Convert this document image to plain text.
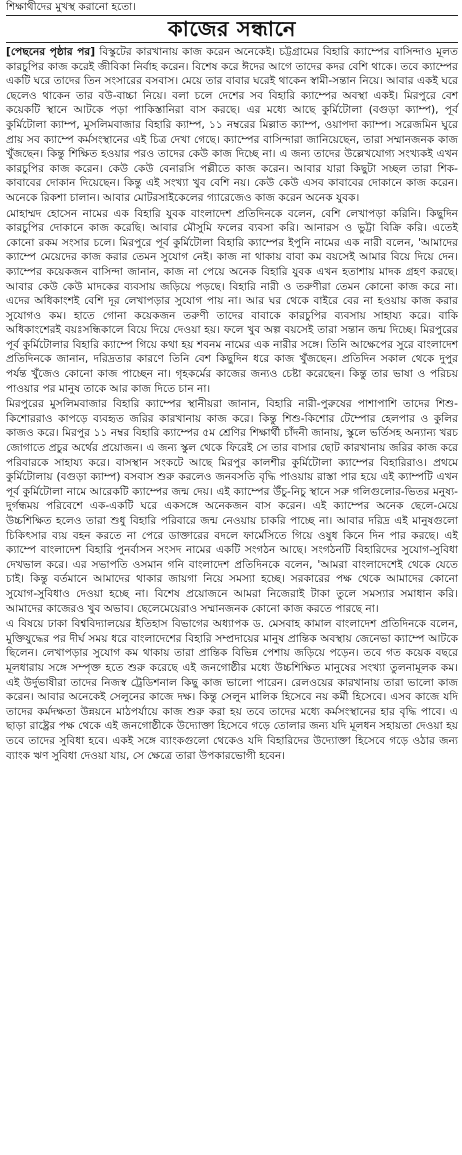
শিক্ষাথীদের মুখস্থ করানো হতো।
কাজের সন্ধানে

[পেছনের পৃষ্ঠার পর] বিস্কুটের কারখানায় কাজ করেন অনেকেই। চট্টগ্রামের বিহারি ক্যাম্পের বাসিন্দাও মূলত কারচুপির কাজ করেই জীবিকা নির্বাহ করেন। বিশেষ করে ঈদের আগে তাদের কদর বেশি থাকে। তবে ক্যাম্পের একটি ঘরে তাদের তিন সংসারের বসবাস। মেয়ে তার বাবার ঘরেই থাকেন স্বামী-সন্তান নিয়ে। আবার একই ঘরে ছেলেও থাকেন তার বউ-বাচ্চা নিয়ে। বলা চলে দেশের সব বিহারি ক্যাম্পের অবস্থা একই। মিরপুরে বেশ কয়েকটি স্থানে আটকে পড়া পাকিস্তানিরা বাস করছে। এর মধ্যে আছে কুর্মিটোলা (বগুড়া ক্যাম্প), পূর্ব কুর্মিটোলা ক্যাম্প, মুসলিমবাজার বিহারি ক্যাম্প, ১১ নম্বরের মিল্লাত ক্যাম্প, ওয়াপদা ক্যাম্প। সরেজমিন ঘুরে প্রায় সব ক্যাম্পে কর্মসংস্থানের এই চিত্র দেখা গেছে। ক্যাম্পের বাসিন্দারা জানিয়েছেন, তারা সম্মানজনক কাজ খুঁজছেন। কিন্তু শিক্ষিত হওয়ার পরও তাদের কেউ কাজ দিচ্ছে না। এ জন্য তাদের উল্লেখযোগ্য সংখ্যকই এখন কারচুপির কাজ করেন। কেউ কেউ বেনারসি পল্লীতে কাজ করেন। আবার যারা কিছুটা সচ্ছল তারা শিক-কাবাবের দোকান দিয়েছেন। কিন্তু এই সংখ্যা খুব বেশি নয়। কেউ কেউ এসব কাবাবের দোকানে কাজ করেন। অনেকে রিকশা চালান। আবার মোটরসাইকেলের গ্যারেজেও কাজ করেন অনেক যুবক।

মোহাম্মদ হোসেন নামের এক বিহারি যুবক বাংলাদেশ প্রতিদিনকে বলেন, বেশি লেখাপড়া করিনি। কিছুদিন কারচুপির দোকানে কাজ করেছি। আবার মৌসুমি ফলের ব্যবসা করি। আনারস ও ভুট্টা বিক্রি করি। এতেই কোনো রকম সংসার চলে। মিরপুরে পূর্ব কুর্মিটোলা বিহারি ক্যাম্পের ইপুনি নামের এক নারী বলেন, 'আমাদের ক্যাম্পে মেয়েদের কাজ করার তেমন সুযোগ নেই। কাজ না থাকায় বাবা কম বয়সেই আমার বিয়ে দিয়ে দেন। ক্যাম্পের কয়েকজন বাসিন্দা জানান, কাজ না পেয়ে অনেক বিহারি যুবক এখন হতাশায় মাদক গ্রহণ করছে। আবার কেউ কেউ মাদকের ব্যবসায় জড়িয়ে পড়ছে। বিহারি নারী ও তরুণীরা তেমন কোনো কাজ করে না। এদের অধিকাংশই বেশি দূর লেখাপড়ার সুযোগ পায় না। আর ঘর থেকে বাইরে বের না হওয়ায় কাজ করার সুযোগও কম। হাতে গোনা কয়েকজন তরুণী তাদের বাবাকে কারচুপির ব্যবসায় সাহায্য করে। বাকি অধিকাংশেরই বয়ঃসন্ধিকালে বিয়ে দিয়ে দেওয়া হয়। ফলে খুব অল্প বয়সেই তারা সন্তান জন্ম দিচ্ছে। মিরপুরের পূর্ব কুর্মিটোলার বিহারি ক্যাম্পে গিয়ে কথা হয় শবনম নামের এক নারীর সঙ্গে। তিনি আক্ষেপের সুরে বাংলাদেশ প্রতিদিনকে জানান, দরিদ্রতার কারণে তিনি বেশ কিছুদিন ধরে কাজ খুঁজছেন। প্রতিদিন সকাল থেকে দুপুর পর্যন্ত খুঁজেও কোনো কাজ পাচ্ছেন না। গৃহকর্মের কাজের জন্যও চেষ্টা করেছেন। কিন্তু তার ভাষা ও পরিচয় পাওয়ার পর মানুষ তাকে আর কাজ দিতে চান না।

মিরপুরের মুসলিমবাজার বিহারি ক্যাম্পের স্থানীয়রা জানান, বিহারি নারী-পুরুষের পাশাপাশি তাদের শিশু-কিশোররাও কাপড়ে ব্যবহৃত জরির কারখানায় কাজ করে। কিন্তু শিশু-কিশোর টেম্পোর হেলপার ও কুলির কাজও করে। মিরপুর ১১ নম্বর বিহারি ক্যাম্পের ৫ম শ্রেণির শিক্ষার্থী চাঁদনী জানায়, স্কুলে ভর্তিসহ অন্যান্য খরচ জোগাতে প্রচুর অর্থের প্রয়োজন। এ জন্য স্কুল থেকে ফিরেই সে তার বাসার ছোট কারখানায় জরির কাজ করে পরিবারকে সাহায্য করে। বাসস্থান সংকটে আছে মিরপুর কালশীর কুর্মিটোলা ক্যাম্পের বিহারিরাও। প্রথমে কুর্মিটোলায় (বগুড়া ক্যাম্প) বসবাস শুরু করলেও জনবসতি বৃদ্ধি পাওয়ায় রাস্তা পার হয়ে এই ক্যাম্পটি এখন পূর্ব কুর্মিটোলা নামে আরেকটি ক্যাম্পের জন্ম দেয়। এই ক্যাম্পের উঁচু-নিচু স্থানে সরু গলিগুলোর-ভিতর মনুষ্য-দুর্গন্ধময় পরিবেশে এক-একটি ঘরে একসঙ্গে অনেকজন বাস করেন। এই ক্যাম্পের অনেক ছেলে-মেয়ে উচ্চশিক্ষিত হলেও তারা শুধু বিহারি পরিবারে জন্ম নেওয়ায় চাকরি পাচ্ছে না। আবার দরিদ্র এই মানুষগুলো চিকিৎসার ব্যয় বহন করতে না পেরে ডাক্তারের বদলে ফার্মেসিতে গিয়ে ওষুধ কিনে দিন পার করছে। এই ক্যাম্পে বাংলাদেশ বিহারি পুনর্বাসন সংসদ নামের একটি সংগঠন আছে। সংগঠনটি বিহারিদের সুযোগ-সুবিধা দেখভাল করে। এর সভাপতি ওসমান গনি বাংলাদেশ প্রতিদিনকে বলেন, 'আমরা বাংলাদেশেই থেকে যেতে চাই। কিন্তু বর্তমানে আমাদের থাকার জায়গা নিয়ে সমস্যা হচ্ছে। সরকারের পক্ষ থেকে আমাদের কোনো সুযোগ-সুবিধাও দেওয়া হচ্ছে না। বিশেষ প্রয়োজনে আমরা নিজেরাই টাকা তুলে সমস্যার সমাধান করি। আমাদের কাজেরও খুব অভাব। ছেলেমেয়েরাও সম্মানজনক কোনো কাজ করতে পারছে না।

এ বিষয়ে ঢাকা বিশ্ববিদ্যালয়ের ইতিহাস বিভাগের অধ্যাপক ড. মেসবাহ কামাল বাংলাদেশ প্রতিদিনকে বলেন, মুক্তিযুদ্ধের পর দীর্ঘ সময় ধরে বাংলাদেশের বিহারি সম্প্রদায়ের মানুষ প্রান্তিক অবস্থায় জেনেভা ক্যাম্পে আটকে ছিলেন। লেখাপড়ার সুযোগ কম থাকায় তারা প্রান্তিক বিভিন্ন পেশায় জড়িয়ে পড়েন। তবে গত কয়েক বছরে মূলধারায় সঙ্গে সম্পৃক্ত হতে শুরু করেছে এই জনগোষ্ঠীর মধ্যে উচ্চশিক্ষিত মানুষের সংখ্যা তুলনামূলক কম। এই উর্দুভাষীরা তাদের নিজস্ব ট্রেডিশনাল কিছু কাজ ভালো পারেন। রেলওয়ের কারখানায় তারা ভালো কাজ করেন। আবার অনেকেই সেলুনের কাজে দক্ষ। কিন্তু সেলুন মালিক হিসেবে নয় কর্মী হিসেবে। এসব কাজে যদি তাদের কর্মদক্ষতা উন্নয়নে মাঠপর্যায়ে কাজ শুরু করা হয় তবে তাদের মধ্যে কর্মসংস্থানের হার বৃদ্ধি পাবে। এ ছাড়া রাষ্ট্রের পক্ষ থেকে এই জনগোষ্ঠীকে উদ্যোক্তা হিসেবে গড়ে তোলার জন্য যদি মূলধন সহায়তা দেওয়া হয় তবে তাদের সুবিধা হবে। একই সঙ্গে ব্যাংকগুলো থেকেও যদি বিহারিদের উদ্যোক্তা হিসেবে গড়ে ওঠার জন্য ব্যাংক ঋণ সুবিধা দেওয়া যায়, সে ক্ষেত্রে তারা উপকারভোগী হবেন।
